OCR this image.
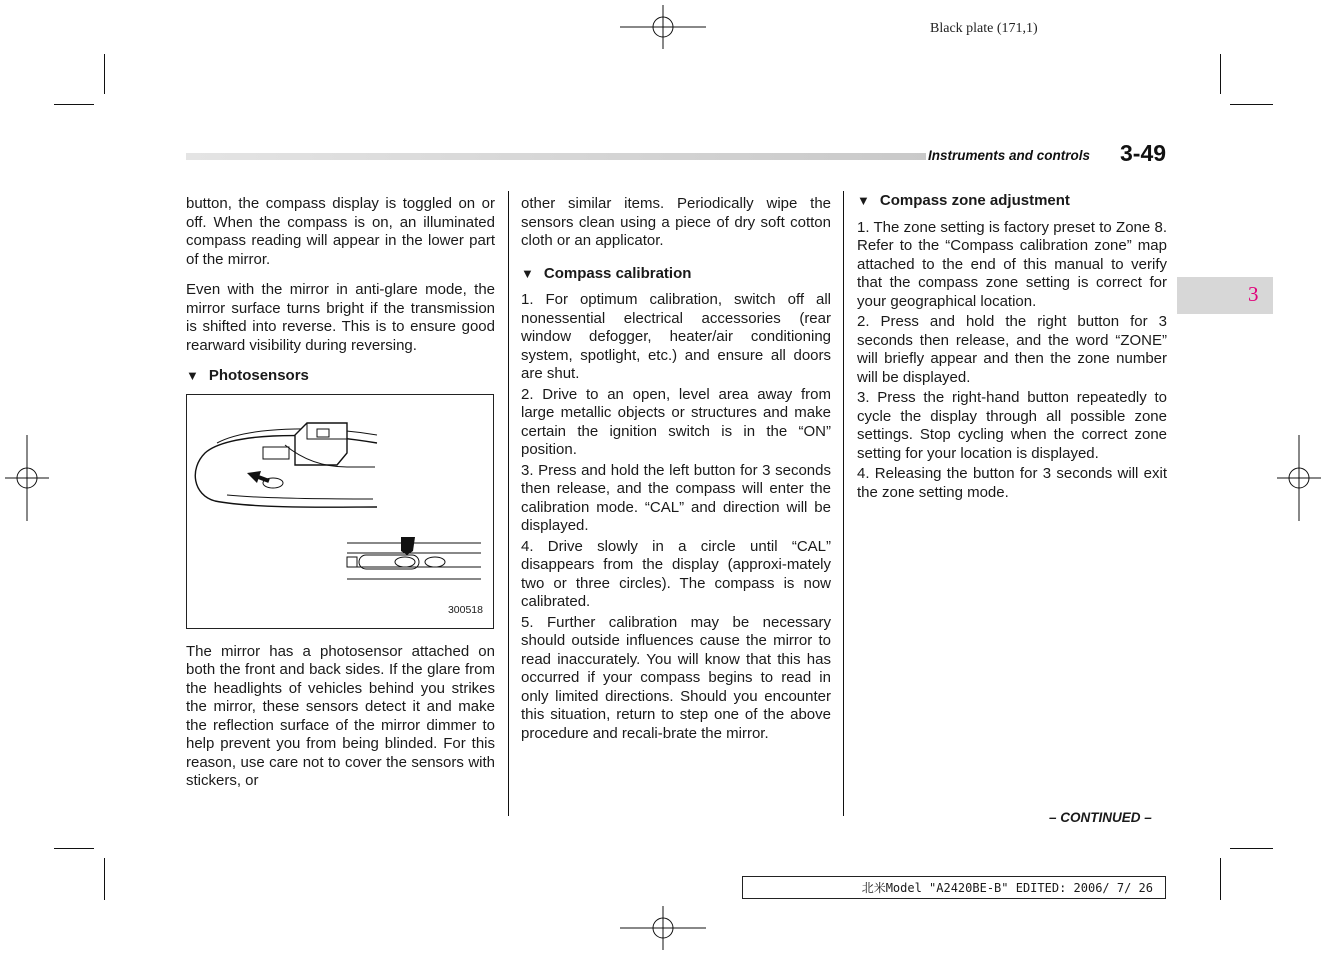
Black plate (171,1)
Instruments and controls 3-49
3

button, the compass display is toggled on or off. When the compass is on, an illuminated compass reading will appear in the lower part of the mirror.

Even with the mirror in anti-glare mode, the mirror surface turns bright if the transmission is shifted into reverse. This is to ensure good rearward visibility during reversing.

▼ Photosensors
300518

The mirror has a photosensor attached on both the front and back sides. If the glare from the headlights of vehicles behind you strikes the mirror, these sensors detect it and make the reflection surface of the mirror dimmer to help prevent you from being blinded. For this reason, use care not to cover the sensors with stickers, or

other similar items. Periodically wipe the sensors clean using a piece of dry soft cotton cloth or an applicator.

▼ Compass calibration

1. For optimum calibration, switch off all nonessential electrical accessories (rear window defogger, heater/air conditioning system, spotlight, etc.) and ensure all doors are shut.

2. Drive to an open, level area away from large metallic objects or structures and make certain the ignition switch is in the “ON” position.

3. Press and hold the left button for 3 seconds then release, and the compass will enter the calibration mode. “CAL” and direction will be displayed.

4. Drive slowly in a circle until “CAL” disappears from the display (approxi-mately two or three circles). The compass is now calibrated.

5. Further calibration may be necessary should outside influences cause the mirror to read inaccurately. You will know that this has occurred if your compass begins to read in only limited directions. Should you encounter this situation, return to step one of the above procedure and recali-brate the mirror.

▼ Compass zone adjustment

1. The zone setting is factory preset to Zone 8. Refer to the “Compass calibration zone” map attached to the end of this manual to verify that the compass zone setting is correct for your geographical location.

2. Press and hold the right button for 3 seconds then release, and the word “ZONE” will briefly appear and then the zone number will be displayed.

3. Press the right-hand button repeatedly to cycle the display through all possible zone settings. Stop cycling when the correct zone setting for your location is displayed.

4. Releasing the button for 3 seconds will exit the zone setting mode.

– CONTINUED –
北米Model "A2420BE-B" EDITED: 2006/ 7/ 26
